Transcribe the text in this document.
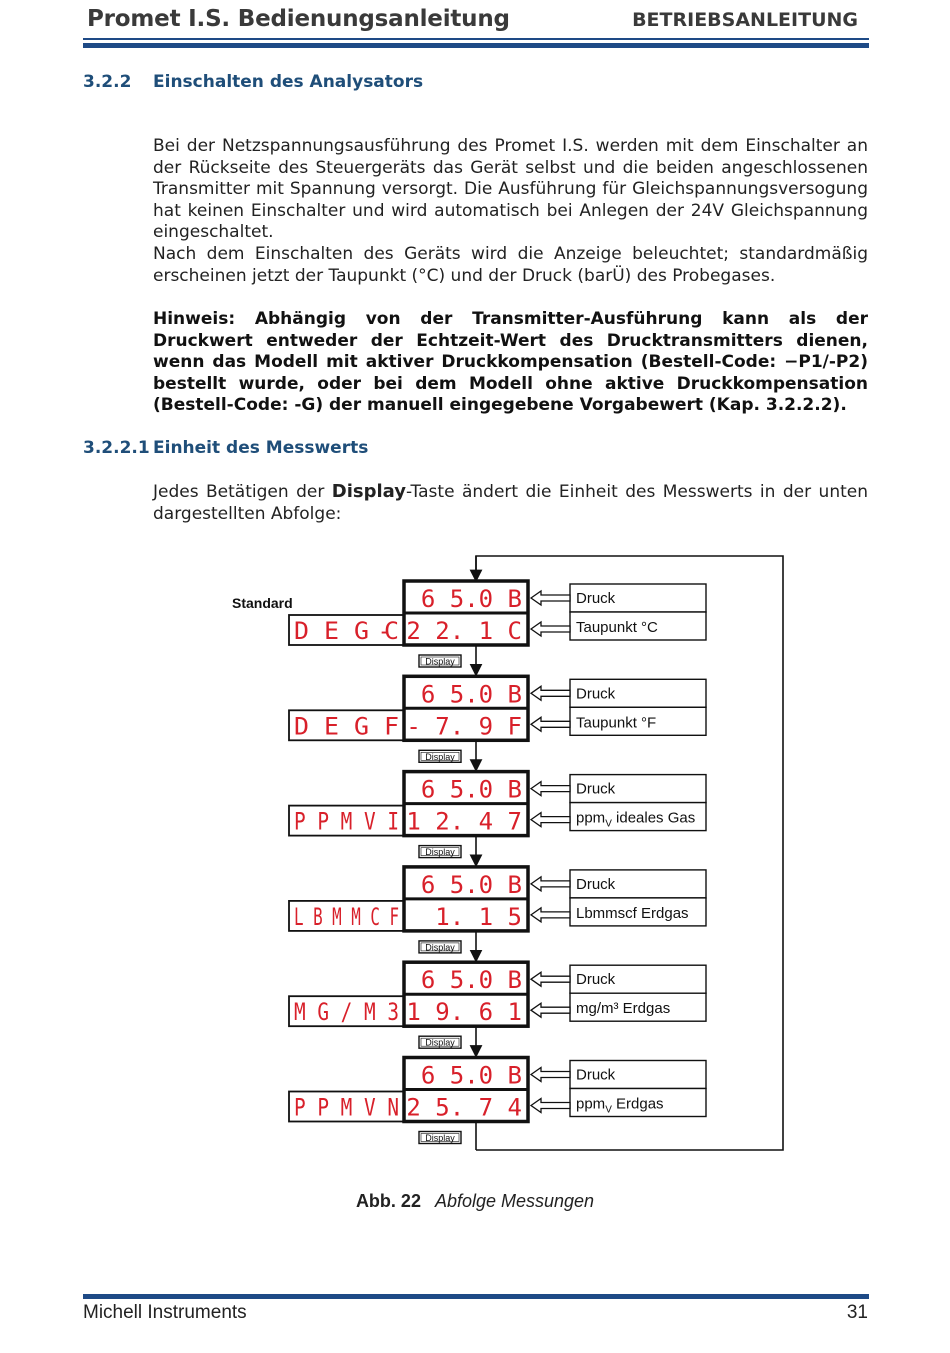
Promet I.S. Bedienungsanleitung	BETRIEBSANLEITUNG
3.2.2 Einschalten des Analysators
Bei der Netzspannungsausführung des Promet I.S. werden mit dem Einschalter an der Rückseite des Steuergeräts das Gerät selbst und die beiden angeschlossenen Transmitter mit Spannung versorgt. Die Ausführung für Gleichspannungsversogung hat keinen Einschalter und wird automatisch bei Anlegen der 24V Gleichspannung eingeschaltet.
Nach dem Einschalten des Geräts wird die Anzeige beleuchtet; standardmäßig erscheinen jetzt der Taupunkt (°C) und der Druck (barÜ) des Probegases.
Hinweis: Abhängig von der Transmitter-Ausführung kann als der Druckwert entweder der Echtzeit-Wert des Drucktransmitters dienen, wenn das Modell mit aktiver Druckkompensation (Bestell-Code: −P1/-P2) bestellt wurde, oder bei dem Modell ohne aktive Druckkompensation (Bestell-Code: -G) der manuell eingegebene Vorgabewert (Kap. 3.2.2.2).
3.2.2.1 Einheit des Messwerts
Jedes Betätigen der Display-Taste ändert die Einheit des Messwerts in der unten dargestellten Abfolge:
D E G C
6 5.0 B
- 2 2. 1 C
Druck
Taupunkt °C
Display
D E G F
6 5.0 B
- 7. 9 F
Druck
Taupunkt °F
Display
P P M V I
6 5.0 B
1 2. 4 7
Druck
ppm$_V$ ideales Gas
Display
L B M M C F
6 5.0 B
1. 1 5
Druck
Lbmmscf Erdgas
Display
M G / M 3
6 5.0 B
1 9. 6 1
Druck
mg/m³ Erdgas
Display
P P M V N
6 5.0 B
2 5. 7 4
Druck
ppm$_V$ Erdgas
Display
Standard
Abb. 22 Abfolge Messungen
Michell Instruments	31
